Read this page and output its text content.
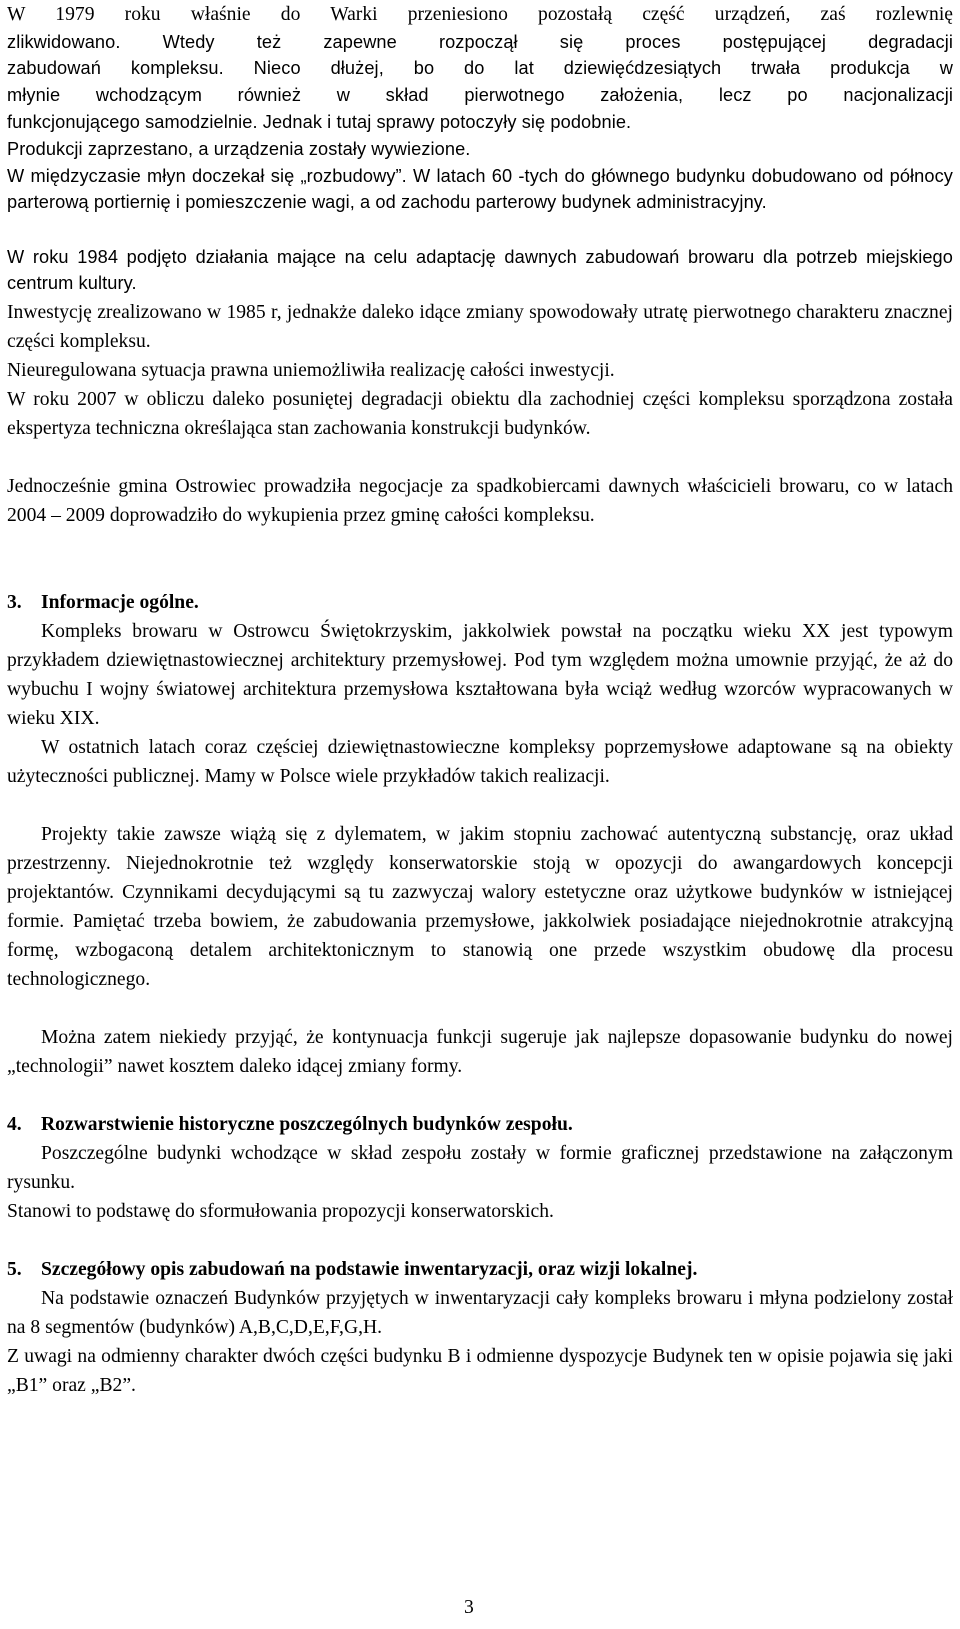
W 1979 roku właśnie do Warki przeniesiono pozostałą część urządzeń, zaś rozlewnię

zlikwidowano. Wtedy też zapewne rozpoczął się proces postępującej degradacji

zabudowań kompleksu. Nieco dłużej, bo do lat dziewięćdzesiątych trwała produkcja w

młynie wchodzącym również w skład pierwotnego założenia, lecz po nacjonalizacji

funkcjonującego samodzielnie. Jednak i tutaj sprawy potoczyły się podobnie.

Produkcji zaprzestano, a urządzenia zostały wywiezione.

W międzyczasie młyn doczekał się „rozbudowy”. W latach 60 -tych do głównego budynku dobudowano od północy parterową portiernię i pomieszczenie wagi, a od zachodu parterowy budynek administracyjny.

W roku 1984 podjęto działania mające na celu adaptację dawnych zabudowań browaru dla potrzeb miejskiego centrum kultury.

Inwestycję zrealizowano w 1985 r, jednakże daleko idące zmiany spowodowały utratę pierwotnego charakteru znacznej części kompleksu.

Nieuregulowana sytuacja prawna uniemożliwiła realizację całości inwestycji.

W roku 2007 w obliczu daleko posuniętej degradacji obiektu dla zachodniej części kompleksu sporządzona została ekspertyza techniczna określająca stan zachowania konstrukcji budynków.

Jednocześnie gmina Ostrowiec prowadziła negocjacje za spadkobiercami dawnych właścicieli browaru, co w latach 2004 – 2009 doprowadziło do wykupienia przez gminę całości kompleksu.

3. Informacje ogólne.

Kompleks browaru w Ostrowcu Świętokrzyskim, jakkolwiek powstał na początku wieku XX jest typowym przykładem dziewiętnastowiecznej architektury przemysłowej. Pod tym względem można umownie przyjąć, że aż do wybuchu I wojny światowej architektura przemysłowa kształtowana była wciąż według wzorców wypracowanych w wieku XIX.

W ostatnich latach coraz częściej dziewiętnastowieczne kompleksy poprzemysłowe adaptowane są na obiekty użyteczności publicznej. Mamy w Polsce wiele przykładów takich realizacji.

Projekty takie zawsze wiążą się z dylematem, w jakim stopniu zachować autentyczną substancję, oraz układ przestrzenny. Niejednokrotnie też względy konserwatorskie stoją w opozycji do awangardowych koncepcji projektantów. Czynnikami decydującymi są tu zazwyczaj walory estetyczne oraz użytkowe budynków w istniejącej formie. Pamiętać trzeba bowiem, że zabudowania przemysłowe, jakkolwiek posiadające niejednokrotnie atrakcyjną formę, wzbogaconą detalem architektonicznym to stanowią one przede wszystkim obudowę dla procesu technologicznego.

Można zatem niekiedy przyjąć, że kontynuacja funkcji sugeruje jak najlepsze dopasowanie budynku do nowej „technologii” nawet kosztem daleko idącej zmiany formy.

4. Rozwarstwienie historyczne poszczególnych budynków zespołu.

Poszczególne budynki wchodzące w skład zespołu zostały w formie graficznej przedstawione na załączonym rysunku.

Stanowi to podstawę do sformułowania propozycji konserwatorskich.

5. Szczegółowy opis zabudowań na podstawie inwentaryzacji, oraz wizji lokalnej.

Na podstawie oznaczeń Budynków przyjętych w inwentaryzacji cały kompleks browaru i młyna podzielony został na 8 segmentów (budynków) A,B,C,D,E,F,G,H.

Z uwagi na odmienny charakter dwóch części budynku B i odmienne dyspozycje Budynek ten w opisie pojawia się jaki „B1” oraz „B2”.

3
